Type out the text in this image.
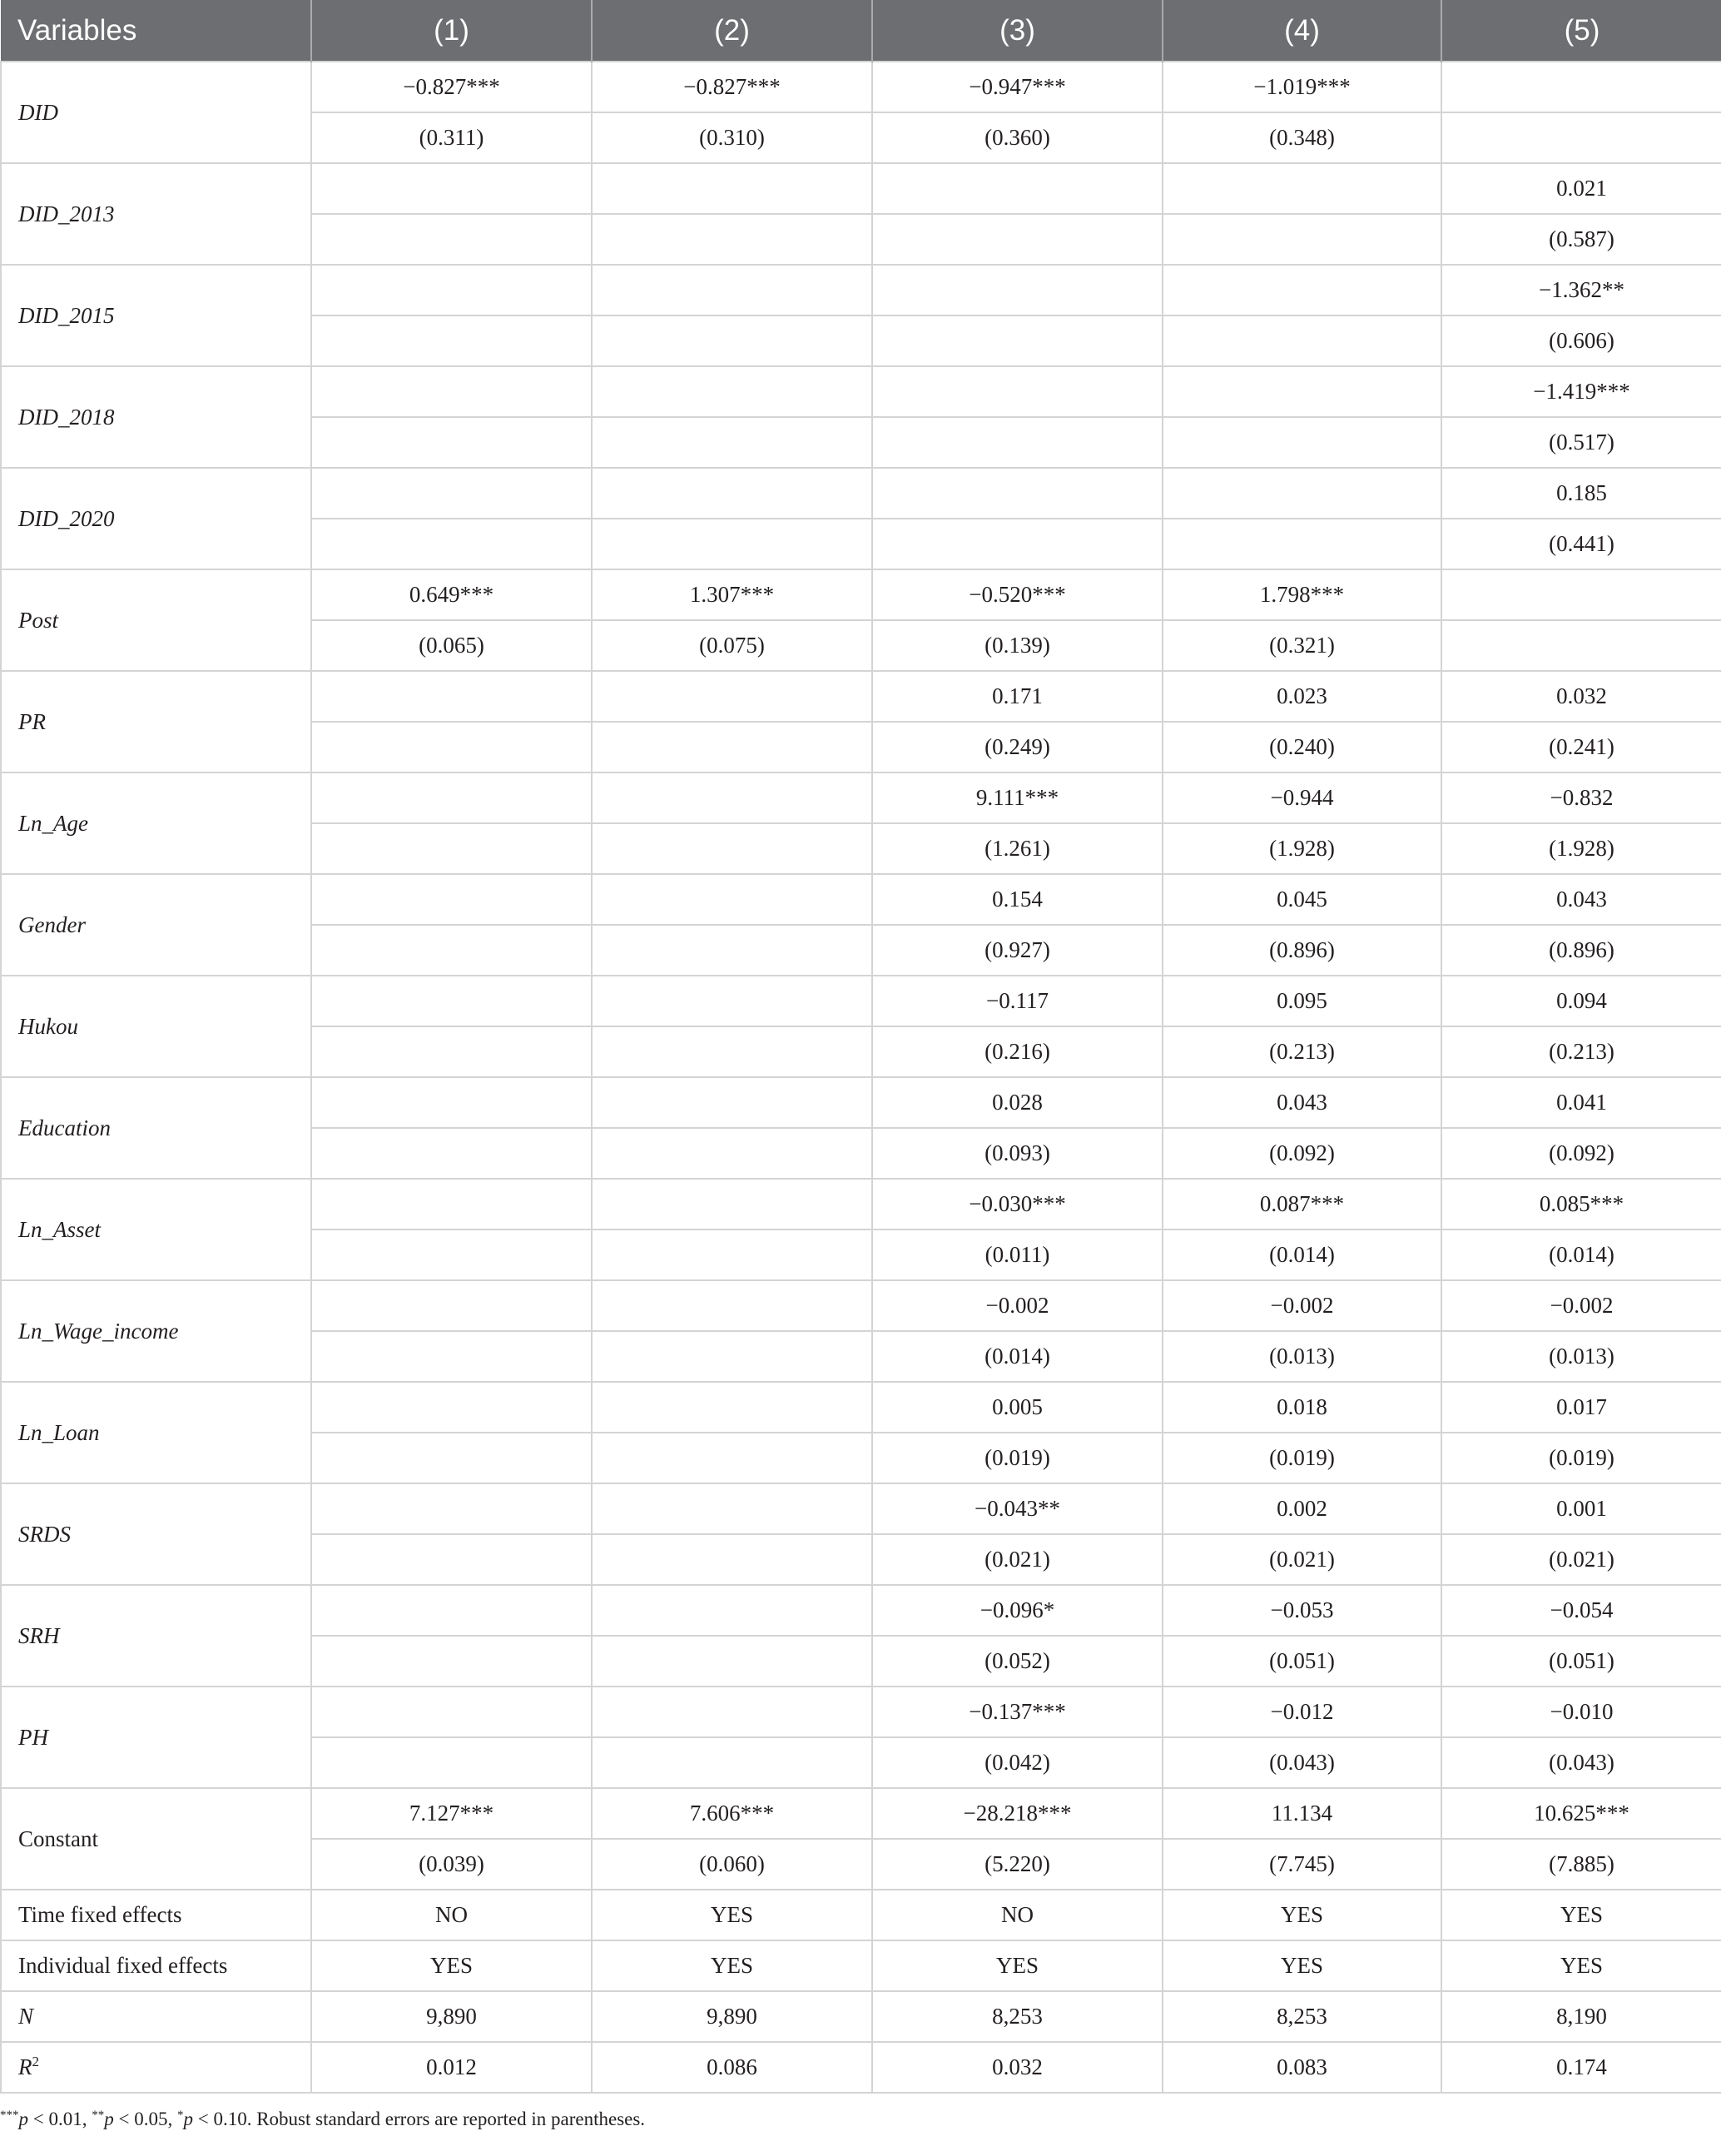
Variables	(1)	(2)	(3)	(4)	(5)
DID	−0.827***	−0.827***	−0.947***	−1.019***	
	(0.311)	(0.310)	(0.360)	(0.348)	
DID_2013					0.021
					(0.587)
DID_2015					−1.362**
					(0.606)
DID_2018					−1.419***
					(0.517)
DID_2020					0.185
					(0.441)
Post	0.649***	1.307***	−0.520***	1.798***	
	(0.065)	(0.075)	(0.139)	(0.321)	
PR			0.171	0.023	0.032
			(0.249)	(0.240)	(0.241)
Ln_Age			9.111***	−0.944	−0.832
			(1.261)	(1.928)	(1.928)
Gender			0.154	0.045	0.043
			(0.927)	(0.896)	(0.896)
Hukou			−0.117	0.095	0.094
			(0.216)	(0.213)	(0.213)
Education			0.028	0.043	0.041
			(0.093)	(0.092)	(0.092)
Ln_Asset			−0.030***	0.087***	0.085***
			(0.011)	(0.014)	(0.014)
Ln_Wage_income			−0.002	−0.002	−0.002
			(0.014)	(0.013)	(0.013)
Ln_Loan			0.005	0.018	0.017
			(0.019)	(0.019)	(0.019)
SRDS			−0.043**	0.002	0.001
			(0.021)	(0.021)	(0.021)
SRH			−0.096*	−0.053	−0.054
			(0.052)	(0.051)	(0.051)
PH			−0.137***	−0.012	−0.010
			(0.042)	(0.043)	(0.043)
Constant	7.127***	7.606***	−28.218***	11.134	10.625***
	(0.039)	(0.060)	(5.220)	(7.745)	(7.885)
Time fixed effects	NO	YES	NO	YES	YES
Individual fixed effects	YES	YES	YES	YES	YES
N	9,890	9,890	8,253	8,253	8,190
$R^2$	0.012	0.086	0.032	0.083	0.174
***p < 0.01, **p < 0.05, *p < 0.10. Robust standard errors are reported in parentheses.
